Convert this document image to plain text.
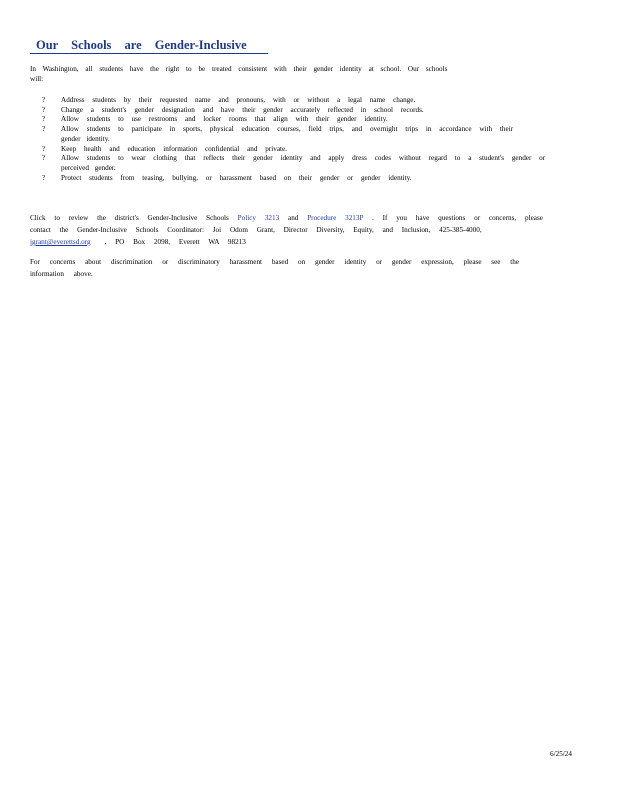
Our Schools are Gender-Inclusive
In Washington, all students have the right to be treated consistent with their gender identity at school. Our schools
will:
? Address students by their requested name and pronouns, with or without a legal name change.
? Change a student's gender designation and have their gender accurately reflected in school records.
? Allow students to use restrooms and locker rooms that align with their gender identity.
? Allow students to participate in sports, physical education courses, field trips, and overnight trips in accordance with their
gender identity.
? Keep health and education information confidential and private.
? Allow students to wear clothing that reflects their gender identity and apply dress codes without regard to a student's gender or
perceived gender.
? Protect students from teasing, bullying, or harassment based on their gender or gender identity.
Click to review the district's Gender-Inclusive Schools Policy 3213 and Procedure 3213P . If you have questions or concerns, please
contact the Gender-Inclusive Schools Coordinator: Joi Odom Grant, Director Diversity, Equity, and Inclusion, 425-385-4000,
jgrant@everettsd.org , PO Box 2098, Everett WA 98213
For concerns about discrimination or discriminatory harassment based on gender identity or gender expression, please see the
information above.
6/25/24
